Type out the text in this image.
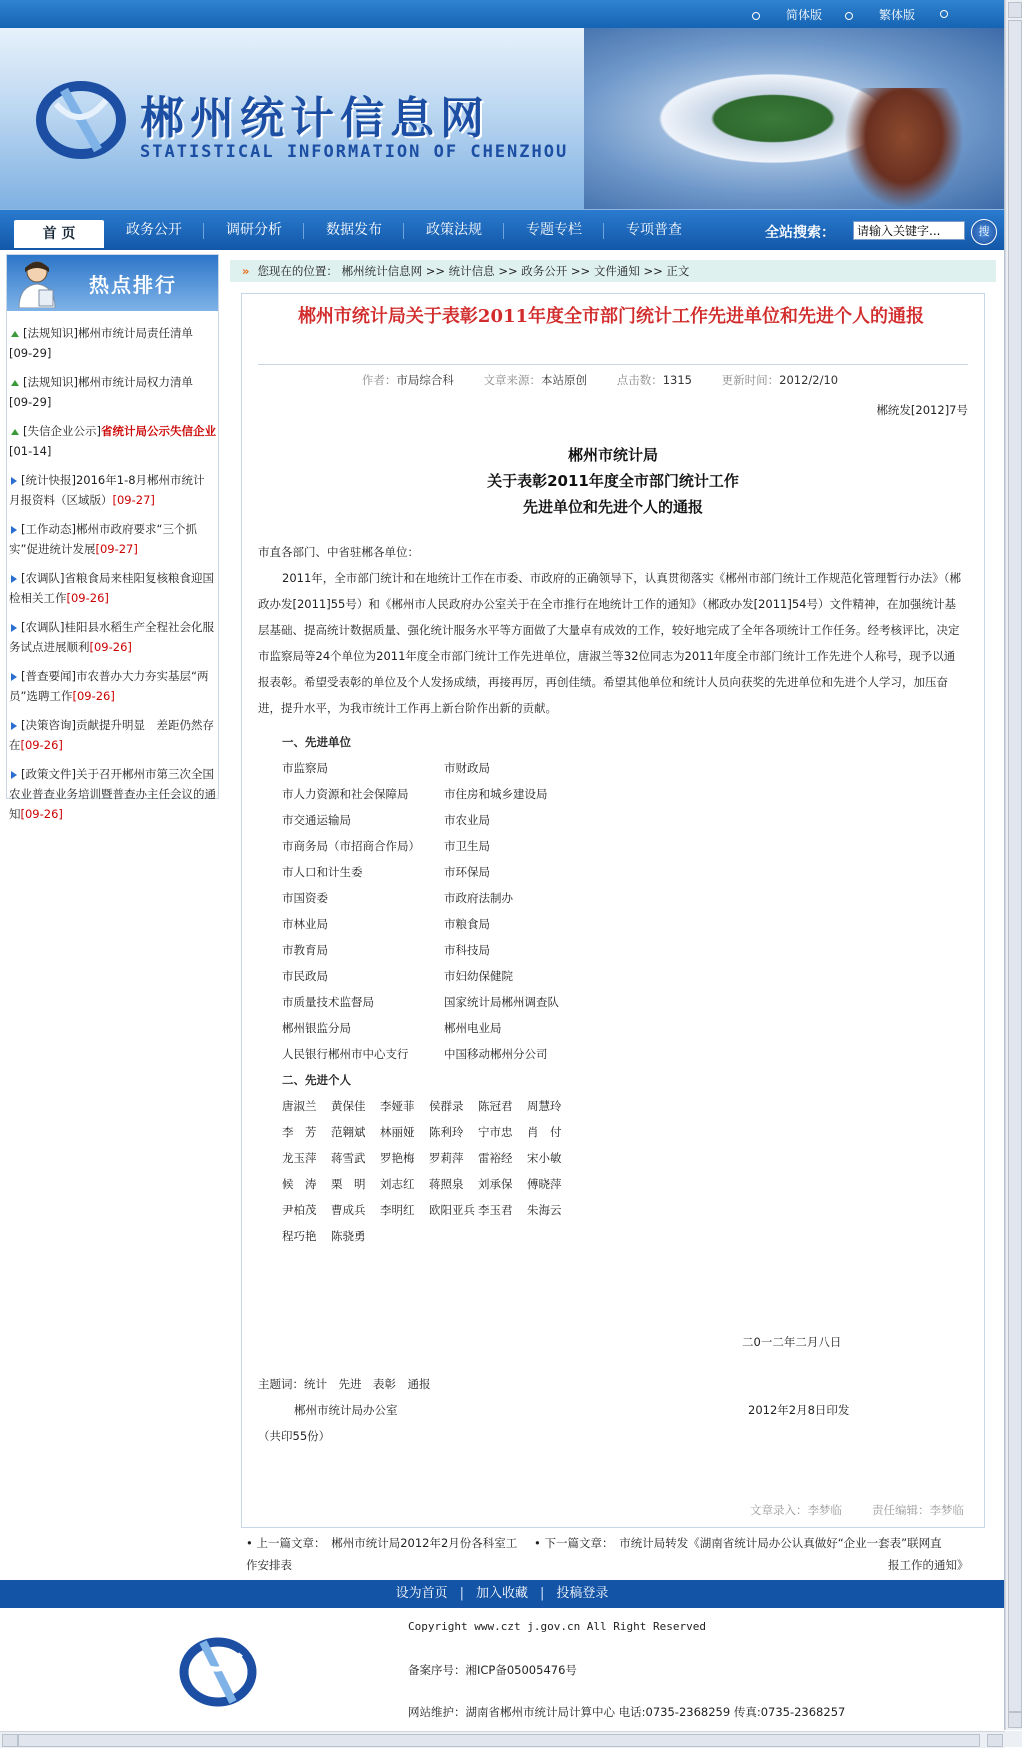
简体版	繁体版
郴州统计信息网
STATISTICAL INFORMATION OF CHENZHOU
首 页	政务公开	调研分析	数据发布	政策法规	专题专栏	专项普查	全站搜索：
请输入关键字...	搜
热点排行
[法规知识]郴州市统计局责任清单
[09-29]
[法规知识]郴州市统计局权力清单
[09-29]
[失信企业公示]省统计局公示失信企业[01-14]
[统计快报]2016年1-8月郴州市统计月报资料（区域版）[09-27]
[工作动态]郴州市政府要求“三个抓实”促进统计发展[09-27]
[农调队]省粮食局来桂阳复核粮食迎国检相关工作[09-26]
[农调队]桂阳县水稻生产全程社会化服务试点进展顺利[09-26]
[普查要闻]市农普办大力夯实基层“两员”选聘工作[09-26]
[决策咨询]贡献提升明显　差距仍然存在[09-26]
[政策文件]关于召开郴州市第三次全国农业普查业务培训暨普查办主任会议的通知[09-26]
» 您现在的位置： 郴州统计信息网 >> 统计信息 >> 政务公开 >> 文件通知 >> 正文
郴州市统计局关于表彰2011年度全市部门统计工作先进单位和先进个人的通报
作者：市局综合科	文章来源：本站原创	点击数：1315	更新时间：2012/2/10
郴统发[2012]7号
郴州市统计局
关于表彰2011年度全市部门统计工作
先进单位和先进个人的通报

市直各部门、中省驻郴各单位：

2011年，全市部门统计和在地统计工作在市委、市政府的正确领导下，认真贯彻落实《郴州市部门统计工作规范化管理暂行办法》（郴政办发[2011]55号）和《郴州市人民政府办公室关于在全市推行在地统计工作的通知》（郴政办发[2011]54号）文件精神，在加强统计基层基础、提高统计数据质量、强化统计服务水平等方面做了大量卓有成效的工作，较好地完成了全年各项统计工作任务。经考核评比，决定市监察局等24个单位为2011年度全市部门统计工作先进单位，唐淑兰等32位同志为2011年度全市部门统计工作先进个人称号，现予以通报表彰。希望受表彰的单位及个人发扬成绩，再接再厉，再创佳绩。希望其他单位和统计人员向获奖的先进单位和先进个人学习，加压奋进，提升水平，为我市统计工作再上新台阶作出新的贡献。

一、先进单位
市监察局	市财政局
市人力资源和社会保障局	市住房和城乡建设局
市交通运输局	市农业局
市商务局（市招商合作局） 市卫生局
市人口和计生委	市环保局
市国资委	市政府法制办
市林业局	市粮食局
市教育局	市科技局
市民政局	市妇幼保健院
市质量技术监督局	国家统计局郴州调查队
郴州银监分局	郴州电业局
人民银行郴州市中心支行	中国移动郴州分公司
二、先进个人
唐淑兰 黄保佳 李娅菲 侯群录 陈冠君 周慧玲
李　芳 范翱斌 林丽娅 陈利玲 宁市忠 肖　付
龙玉萍 蒋雪武 罗艳梅 罗莉萍 雷裕经 宋小敏
候　涛 栗　明 刘志红 蒋照泉 刘承保 傅晓萍
尹柏茂 曹成兵 李明红 欧阳亚兵 李玉君 朱海云
程巧艳 陈骁勇
二0一二年二月八日
主题词：统计　先进　表彰　通报
郴州市统计局办公室	2012年2月8日印发
（共印55份）
文章录入：李梦临	责任编辑：李梦临
• 上一篇文章：　郴州市统计局2012年2月份各科室工
作安排表
• 下一篇文章：　市统计局转发《湖南省统计局办公认真做好“企业一套表”联网直
报工作的通知》
设为首页 | 加入收藏 | 投稿登录
Copyright www.czt j.gov.cn All Right Reserved
备案序号：湘ICP备05005476号
网站维护：湖南省郴州市统计局计算中心 电话:0735-2368259 传真:0735-2368257
